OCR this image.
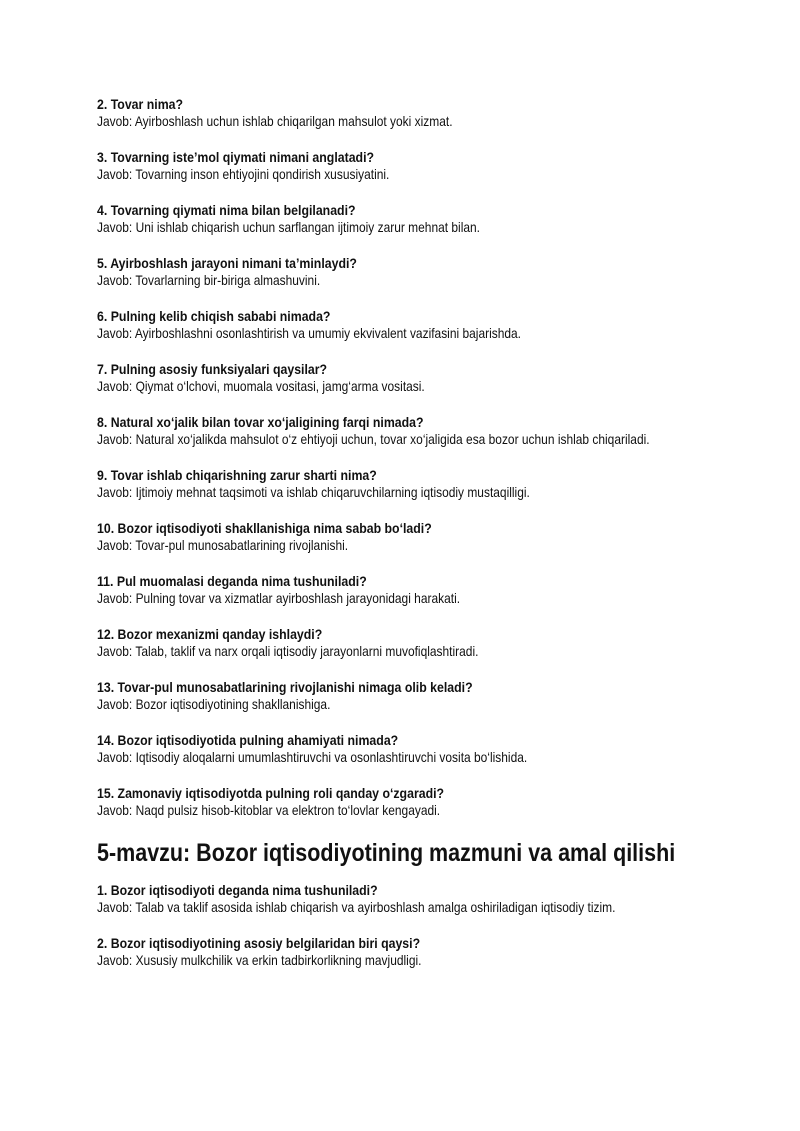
2. Tovar nima?
Javob: Ayirboshlash uchun ishlab chiqarilgan mahsulot yoki xizmat.
3. Tovarning iste’mol qiymati nimani anglatadi?
Javob: Tovarning inson ehtiyojini qondirish xususiyatini.
4. Tovarning qiymati nima bilan belgilanadi?
Javob: Uni ishlab chiqarish uchun sarflangan ijtimoiy zarur mehnat bilan.
5. Ayirboshlash jarayoni nimani ta’minlaydi?
Javob: Tovarlarning bir-biriga almashuvini.
6. Pulning kelib chiqish sababi nimada?
Javob: Ayirboshlashni osonlashtirish va umumiy ekvivalent vazifasini bajarishda.
7. Pulning asosiy funksiyalari qaysilar?
Javob: Qiymat o‘lchovi, muomala vositasi, jamg‘arma vositasi.
8. Natural xo‘jalik bilan tovar xo‘jaligining farqi nimada?
Javob: Natural xo‘jalikda mahsulot o‘z ehtiyoji uchun, tovar xo‘jaligida esa bozor uchun ishlab chiqariladi.
9. Tovar ishlab chiqarishning zarur sharti nima?
Javob: Ijtimoiy mehnat taqsimoti va ishlab chiqaruvchilarning iqtisodiy mustaqilligi.
10. Bozor iqtisodiyoti shakllanishiga nima sabab bo‘ladi?
Javob: Tovar-pul munosabatlarining rivojlanishi.
11. Pul muomalasi deganda nima tushuniladi?
Javob: Pulning tovar va xizmatlar ayirboshlash jarayonidagi harakati.
12. Bozor mexanizmi qanday ishlaydi?
Javob: Talab, taklif va narx orqali iqtisodiy jarayonlarni muvofiqlashtiradi.
13. Tovar-pul munosabatlarining rivojlanishi nimaga olib keladi?
Javob: Bozor iqtisodiyotining shakllanishiga.
14. Bozor iqtisodiyotida pulning ahamiyati nimada?
Javob: Iqtisodiy aloqalarni umumlashtiruvchi va osonlashtiruvchi vosita bo‘lishida.
15. Zamonaviy iqtisodiyotda pulning roli qanday o‘zgaradi?
Javob: Naqd pulsiz hisob-kitoblar va elektron to‘lovlar kengayadi.
5-mavzu: Bozor iqtisodiyotining mazmuni va amal qilishi
1. Bozor iqtisodiyoti deganda nima tushuniladi?
Javob: Talab va taklif asosida ishlab chiqarish va ayirboshlash amalga oshiriladigan iqtisodiy tizim.
2. Bozor iqtisodiyotining asosiy belgilaridan biri qaysi?
Javob: Xususiy mulkchilik va erkin tadbirkorlikning mavjudligi.
